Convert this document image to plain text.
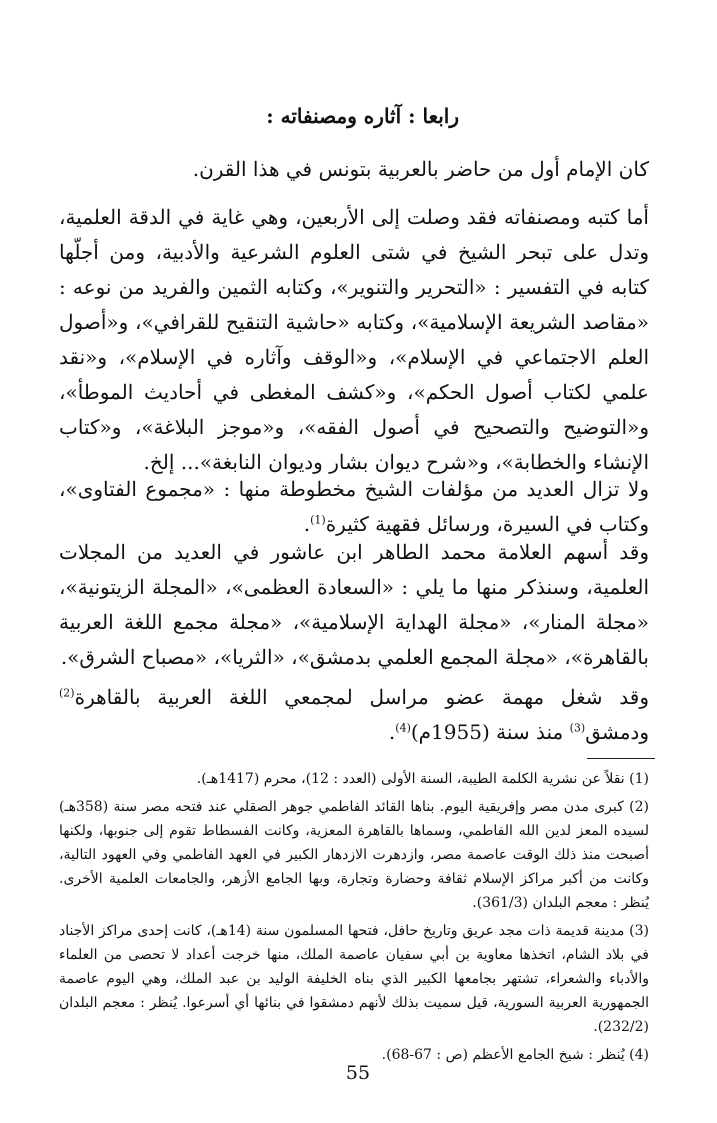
رابعا : آثاره ومصنفاته :
كان الإمام أول من حاضر بالعربية بتونس في هذا القرن.
أما كتبه ومصنفاته فقد وصلت إلى الأربعين، وهي غاية في الدقة العلمية، وتدل على تبحر الشيخ في شتى العلوم الشرعية والأدبية، ومن أجلّها كتابه في التفسير : «التحرير والتنوير»، وكتابه الثمين والفريد من نوعه : «مقاصد الشريعة الإسلامية»، وكتابه «حاشية التنقيح للقرافي»، و«أصول العلم الاجتماعي في الإسلام»، و«الوقف وآثاره في الإسلام»، و«نقد علمي لكتاب أصول الحكم»، و«كشف المغطى في أحاديث الموطأ»، و«التوضيح والتصحيح في أصول الفقه»، و«موجز البلاغة»، و«كتاب الإنشاء والخطابة»، و«شرح ديوان بشار وديوان النابغة»... إلخ.
ولا تزال العديد من مؤلفات الشيخ مخطوطة منها : «مجموع الفتاوى»، وكتاب في السيرة، ورسائل فقهية كثيرة$^{(1)}$.
وقد أسهم العلامة محمد الطاهر ابن عاشور في العديد من المجلات العلمية، وسنذكر منها ما يلي : «السعادة العظمى»، «المجلة الزيتونية»، «مجلة المنار»، «مجلة الهداية الإسلامية»، «مجلة مجمع اللغة العربية بالقاهرة»، «مجلة المجمع العلمي بدمشق»، «الثريا»، «مصباح الشرق».
وقد شغل مهمة عضو مراسل لمجمعي اللغة العربية بالقاهرة$^{(2)}$ ودمشق$^{(3)}$ منذ سنة (1955م)$^{(4)}$.

(1) نقلاً عن نشرية الكلمة الطيبة، السنة الأولى (العدد : 12)، محرم (1417هـ).

(2) كبرى مدن مصر وإفريقية اليوم. بناها القائد الفاطمي جوهر الصقلي عند فتحه مصر سنة (358هـ) لسيده المعز لدين الله الفاطمي، وسماها بالقاهرة المعزية، وكانت الفسطاط تقوم إلى جنوبها، ولكنها أصبحت منذ ذلك الوقت عاصمة مصر، وازدهرت الازدهار الكبير في العهد الفاطمي وفي العهود التالية، وكانت من أكبر مراكز الإسلام ثقافة وحضارة وتجارة، وبها الجامع الأزهر، والجامعات العلمية الأخرى. يُنظر : معجم البلدان (361/3).

(3) مدينة قديمة ذات مجد عريق وتاريخ حافل، فتحها المسلمون سنة (14هـ)، كانت إحدى مراكز الأجناد في بلاد الشام، اتخذها معاوية بن أبي سفيان عاصمة الملك، منها خرجت أعداد لا تحصى من العلماء والأدباء والشعراء، تشتهر بجامعها الكبير الذي بناه الخليفة الوليد بن عبد الملك، وهي اليوم عاصمة الجمهورية العربية السورية، قيل سميت بذلك لأنهم دمشقوا في بنائها أي أسرعوا. يُنظر : معجم البلدان (232/2).

(4) يُنظر : شيخ الجامع الأعظم (ص : 67-68).

55
